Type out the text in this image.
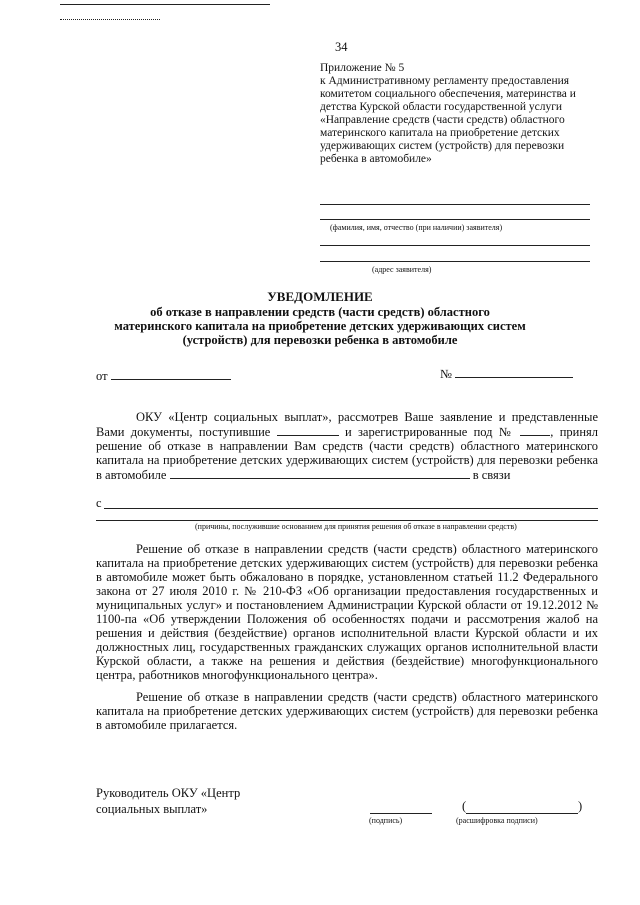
34
Приложение № 5
к Административному регламенту предоставления комитетом социального обеспечения, материнства и детства Курской области государственной услуги «Направление средств (части средств) областного материнского капитала на приобретение детских удерживающих систем (устройств) для перевозки ребенка в автомобиле»
(фамилия, имя, отчество (при наличии) заявителя)
(адрес заявителя)
УВЕДОМЛЕНИЕ
об отказе в направлении средств (части средств) областного материнского капитала на приобретение детских удерживающих систем (устройств) для перевозки ребенка в автомобиле
от	№
ОКУ «Центр социальных выплат», рассмотрев Ваше заявление и представленные Вами документы, поступившие	и зарегистрированные под №	, принял решение об отказе в направлении Вам средств (части средств) областного материнского капитала на приобретение детских удерживающих систем (устройств) для перевозки ребенка в автомобиле	в связи
с
(причины, послужившие основанием для принятия решения об отказе в направлении средств)
Решение об отказе в направлении средств (части средств) областного материнского капитала на приобретение детских удерживающих систем (устройств) для перевозки ребенка в автомобиле может быть обжаловано в порядке, установленном статьей 11.2 Федерального закона от 27 июля 2010 г. № 210-ФЗ «Об организации предоставления государственных и муниципальных услуг» и постановлением Администрации Курской области от 19.12.2012 № 1100-па «Об утверждении Положения об особенностях подачи и рассмотрения жалоб на решения и действия (бездействие) органов исполнительной власти Курской области и их должностных лиц, государственных гражданских служащих органов исполнительной власти Курской области, а также на решения и действия (бездействие) многофункционального центра, работников многофункционального центра».
Решение об отказе в направлении средств (части средств) областного материнского капитала на приобретение детских удерживающих систем (устройств) для перевозки ребенка в автомобиле прилагается.
Руководитель ОКУ «Центр
социальных выплат»
(подпись)
(	)
(расшифровка подписи)
